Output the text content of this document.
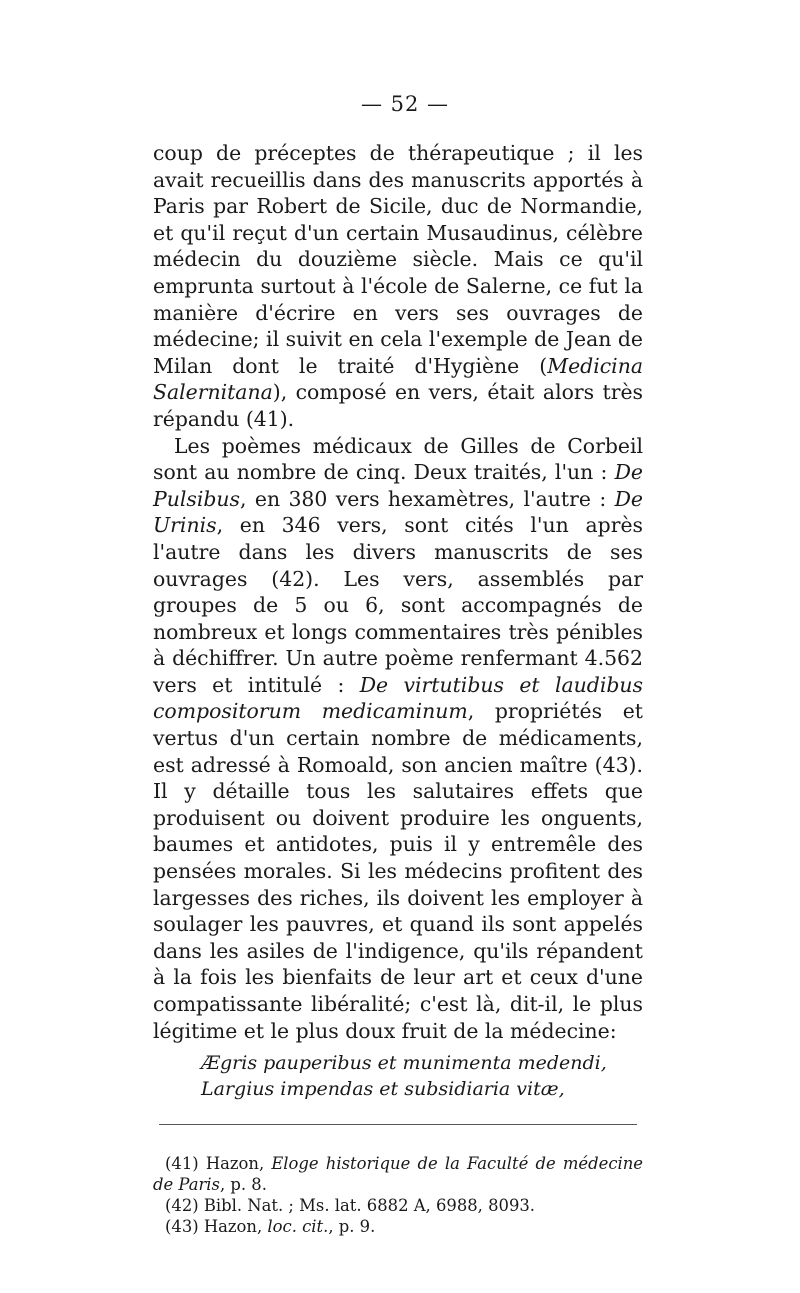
— 52 —

coup de préceptes de thérapeutique ; il les avait recueillis dans des manuscrits apportés à Paris par Robert de Sicile, duc de Normandie, et qu'il reçut d'un certain Musaudinus, célèbre médecin du douzième siècle. Mais ce qu'il emprunta surtout à l'école de Salerne, ce fut la manière d'écrire en vers ses ouvrages de médecine; il suivit en cela l'exemple de Jean de Milan dont le traité d'Hygiène (Medicina Salernitana), composé en vers, était alors très répandu (41).

Les poèmes médicaux de Gilles de Corbeil sont au nombre de cinq. Deux traités, l'un : De Pulsibus, en 380 vers hexamètres, l'autre : De Urinis, en 346 vers, sont cités l'un après l'autre dans les divers manuscrits de ses ouvrages (42). Les vers, assemblés par groupes de 5 ou 6, sont accompagnés de nombreux et longs commentaires très pénibles à déchiffrer. Un autre poème renfermant 4.562 vers et intitulé : De virtutibus et laudibus compositorum medicaminum, propriétés et vertus d'un certain nombre de médicaments, est adressé à Romoald, son ancien maître (43). Il y détaille tous les salutaires effets que produisent ou doivent produire les onguents, baumes et antidotes, puis il y entremêle des pensées morales. Si les médecins profitent des largesses des riches, ils doivent les employer à soulager les pauvres, et quand ils sont appelés dans les asiles de l'indigence, qu'ils répandent à la fois les bienfaits de leur art et ceux d'une compatissante libéralité; c'est là, dit-il, le plus légitime et le plus doux fruit de la médecine:

Ægris pauperibus et munimenta medendi,
Largius impendas et subsidiaria vitæ,

(41) Hazon, Eloge historique de la Faculté de médecine de Paris, p. 8.

(42) Bibl. Nat. ; Ms. lat. 6882 A, 6988, 8093.

(43) Hazon, loc. cit., p. 9.
